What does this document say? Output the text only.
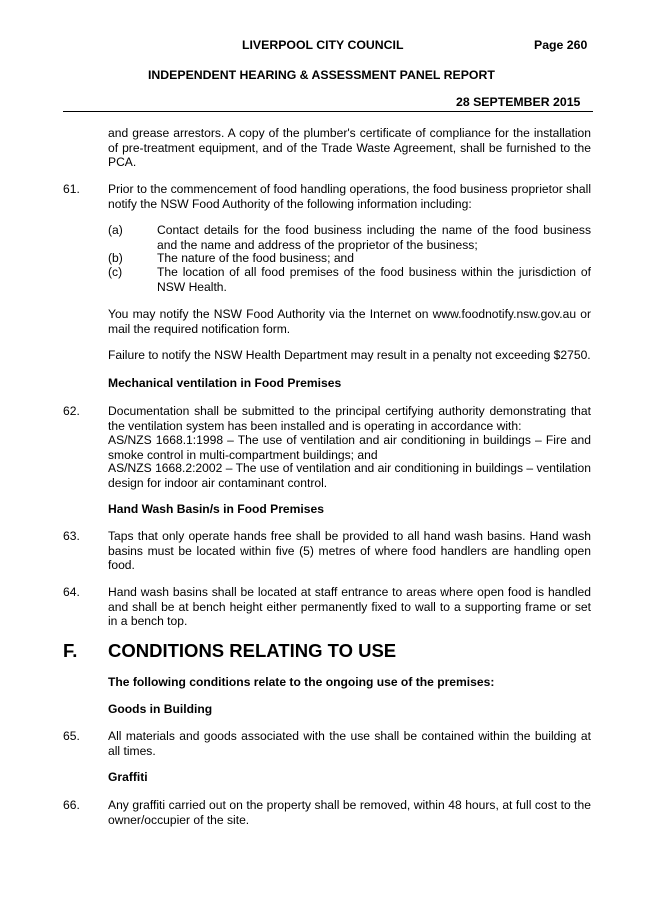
LIVERPOOL CITY COUNCIL	Page 260
INDEPENDENT HEARING & ASSESSMENT PANEL REPORT
28 SEPTEMBER 2015
and grease arrestors. A copy of the plumber's certificate of compliance for the installation of pre-treatment equipment, and of the Trade Waste Agreement, shall be furnished to the PCA.
61. Prior to the commencement of food handling operations, the food business proprietor shall notify the NSW Food Authority of the following information including:
(a)	Contact details for the food business including the name of the food business and the name and address of the proprietor of the business;
(b)	The nature of the food business; and
(c)	The location of all food premises of the food business within the jurisdiction of NSW Health.
You may notify the NSW Food Authority via the Internet on www.foodnotify.nsw.gov.au or mail the required notification form.
Failure to notify the NSW Health Department may result in a penalty not exceeding $2750.
Mechanical ventilation in Food Premises
62. Documentation shall be submitted to the principal certifying authority demonstrating that the ventilation system has been installed and is operating in accordance with:
AS/NZS 1668.1:1998 – The use of ventilation and air conditioning in buildings – Fire and smoke control in multi-compartment buildings; and
AS/NZS 1668.2:2002 – The use of ventilation and air conditioning in buildings – ventilation design for indoor air contaminant control.
Hand Wash Basin/s in Food Premises
63. Taps that only operate hands free shall be provided to all hand wash basins. Hand wash basins must be located within five (5) metres of where food handlers are handling open food.
64. Hand wash basins shall be located at staff entrance to areas where open food is handled and shall be at bench height either permanently fixed to wall to a supporting frame or set in a bench top.
F. CONDITIONS RELATING TO USE
The following conditions relate to the ongoing use of the premises:
Goods in Building
65. All materials and goods associated with the use shall be contained within the building at all times.
Graffiti
66. Any graffiti carried out on the property shall be removed, within 48 hours, at full cost to the owner/occupier of the site.
